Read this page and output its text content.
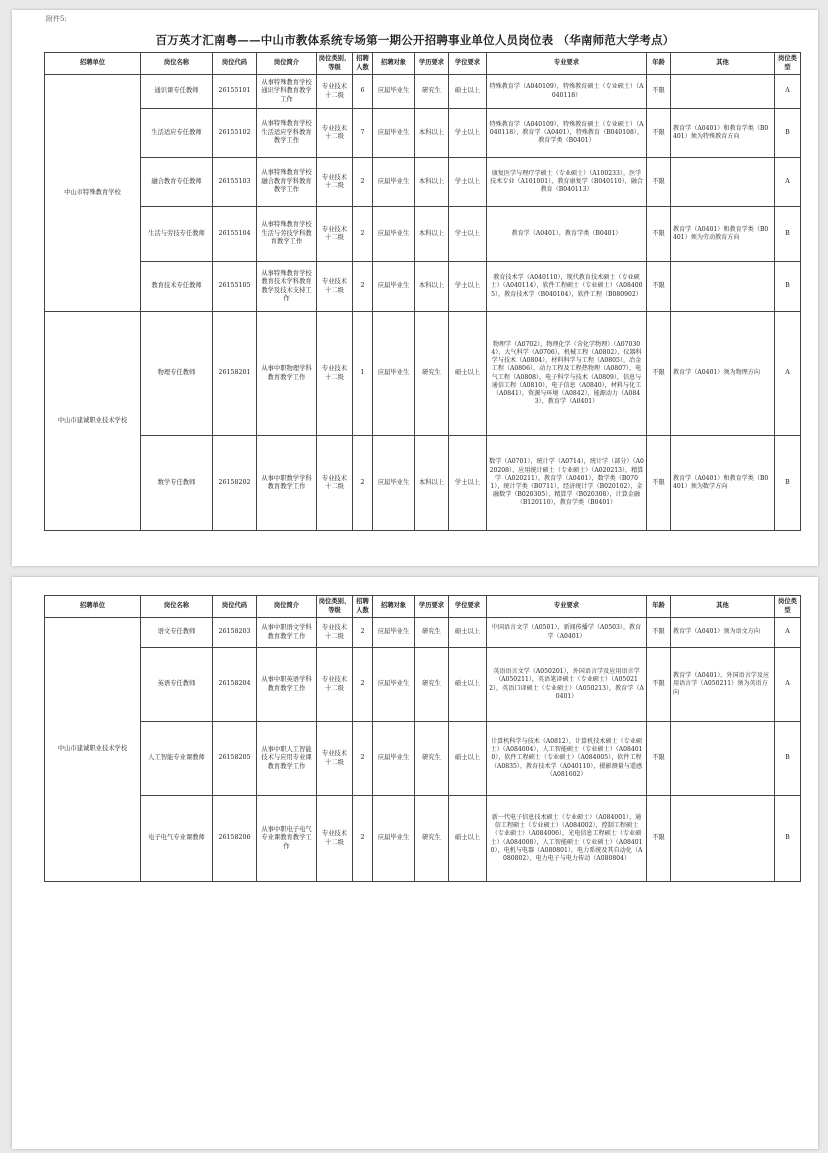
附件5:
百万英才汇南粤——中山市教体系统专场第一期公开招聘事业单位人员岗位表 （华南师范大学考点）
招聘单位	岗位名称	岗位代码	岗位简介	岗位类别、等级	招聘人数	招聘对象	学历要求	学位要求	专业要求	年龄	其他	岗位类型
中山市特殊教育学校	通识课专任教师	26155101	从事特殊教育学校通识学科教育教学工作	专业技术十二级	6	应届毕业生	研究生	硕士以上	特殊教育学（A040109），特殊教育硕士（专业硕士）（A040118）	不限		A
	生活适应专任教师	26155102	从事特殊教育学校生活适应学科教育教学工作	专业技术十二级	7	应届毕业生	本科以上	学士以上	特殊教育学（A040109），特殊教育硕士（专业硕士）（A040118），教育学（A0401），特殊教育（B040108），教育学类（B0401）	不限	教育学（A0401）和教育学类（B0401）须为特殊教育方向	B
	融合教育专任教师	26155103	从事特殊教育学校融合教育学科教育教学工作	专业技术十二级	2	应届毕业生	本科以上	学士以上	康复医学与理疗学硕士（专业硕士）（A100233），医学技术专业（A101001），教育康复学（B040110），融合教育（B040113）	不限		A
	生活与劳技专任教师	26155104	从事特殊教育学校生活与劳技学科教育教学工作	专业技术十二级	2	应届毕业生	本科以上	学士以上	教育学（A0401），教育学类（B0401）	不限	教育学（A0401）和教育学类（B0401）须为劳动教育方向	B
	教育技术专任教师	26155105	从事特殊教育学校教育技术学科教育教学及技术支持工作	专业技术十二级	2	应届毕业生	本科以上	学士以上	教育技术学（A040110），现代教育技术硕士（专业硕士）（A040114），软件工程硕士（专业硕士）（A084005），教育技术学（B040104），软件工程（B080902）	不限		B
中山市建诚职业技术学校	物理专任教师	26158201	从事中职物理学科教育教学工作	专业技术十二级	1	应届毕业生	研究生	硕士以上	物理学（A0702），物理化学（含化学物理）（A070304），大气科学（A0706），机械工程（A0802），仪器科学与技术（A0804），材料科学与工程（A0805），冶金工程（A0806），动力工程及工程热物理（A0807），电气工程（A0808），电子科学与技术（A0809），信息与通信工程（A0810），电子信息（A0840），材料与化工（A0841），资源与环境（A0842），能源动力（A0843），教育学（A0401）	不限	教育学（A0401）须为物理方向	A
	数学专任教师	26158202	从事中职数学学科教育教学工作	专业技术十二级	2	应届毕业生	本科以上	学士以上	数学（A0701），统计学（A0714），统计学（部分）（A020208），应用统计硕士（专业硕士）（A020213），精算学（A020211），教育学（A0401），数学类（B0701），统计学类（B0711），经济统计学（B020102），金融数学（B020305），精算学（B020308），计算金融（B120110），教育学类（B0401）	不限	教育学（A0401）和教育学类（B0401）须为数学方向	B
招聘单位	岗位名称	岗位代码	岗位简介	岗位类别、等级	招聘人数	招聘对象	学历要求	学位要求	专业要求	年龄	其他	岗位类型
中山市建诚职业技术学校	语文专任教师	26158203	从事中职语文学科教育教学工作	专业技术十二级	2	应届毕业生	研究生	硕士以上	中国语言文学（A0501），新闻传播学（A0503），教育学（A0401）	不限	教育学（A0401）须为语文方向	A
	英语专任教师	26158204	从事中职英语学科教育教学工作	专业技术十二级	2	应届毕业生	研究生	硕士以上	英语语言文学（A050201），外国语言学及应用语言学（A050211），英语笔译硕士（专业硕士）（A050212），英语口译硕士（专业硕士）（A050213），教育学（A0401）	不限	教育学（A0401）、外国语言学及应用语言学（A050211）须为英语方向	A
	人工智能专业课教师	26158205	从事中职人工智能技术与应用专业课教育教学工作	专业技术十二级	2	应届毕业生	研究生	硕士以上	计算机科学与技术（A0812），计算机技术硕士（专业硕士）（A084004），人工智能硕士（专业硕士）（A084010），软件工程硕士（专业硕士）（A084005），软件工程（A0835），教育技术学（A040110），摄影测量与遥感（A081602）	不限		B
	电子电气专业课教师	26158206	从事中职电子电气专业课教育教学工作	专业技术十二级	2	应届毕业生	研究生	硕士以上	新一代电子信息技术硕士（专业硕士）（A084001），通信工程硕士（专业硕士）（A084002），控制工程硕士（专业硕士）（A084006），光电信息工程硕士（专业硕士）（A084008），人工智能硕士（专业硕士）（A084010），电机与电器（A080801），电力系统及其自动化（A080802），电力电子与电力传动（A080804）	不限		B
